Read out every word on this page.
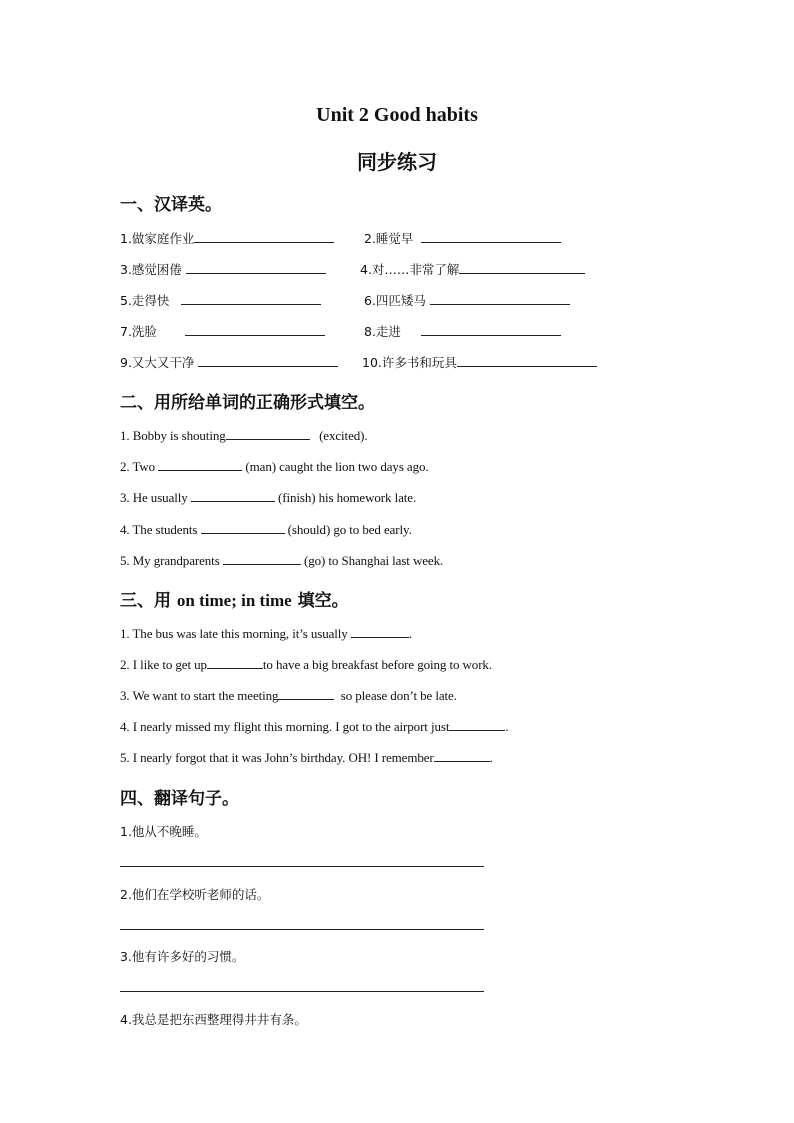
Unit 2 Good habits
同步练习
一、汉译英。
1.做家庭作业	2.睡觉早
3.感觉困倦	4.对……非常了解
5.走得快	6.四匹矮马
7.洗脸	8.走进
9.又大又干净	10.许多书和玩具
二、用所给单词的正确形式填空。
1. Bobby is shouting	(excited).
2. Two	(man) caught the lion two days ago.
3. He usually	(finish) his homework late.
4. The students	(should) go to bed early.
5. My grandparents	(go) to Shanghai last week.
三、用 on time; in time 填空。
1. The bus was late this morning, it’s usually	.
2. I like to get up	to have a big breakfast before going to work.
3. We want to start the meeting	so please don’t be late.
4. I nearly missed my flight this morning. I got to the airport just	.
5. I nearly forgot that it was John’s birthday. OH! I remember	.
四、翻译句子。
1.他从不晚睡。
2.他们在学校听老师的话。
3.他有许多好的习惯。
4.我总是把东西整理得井井有条。
